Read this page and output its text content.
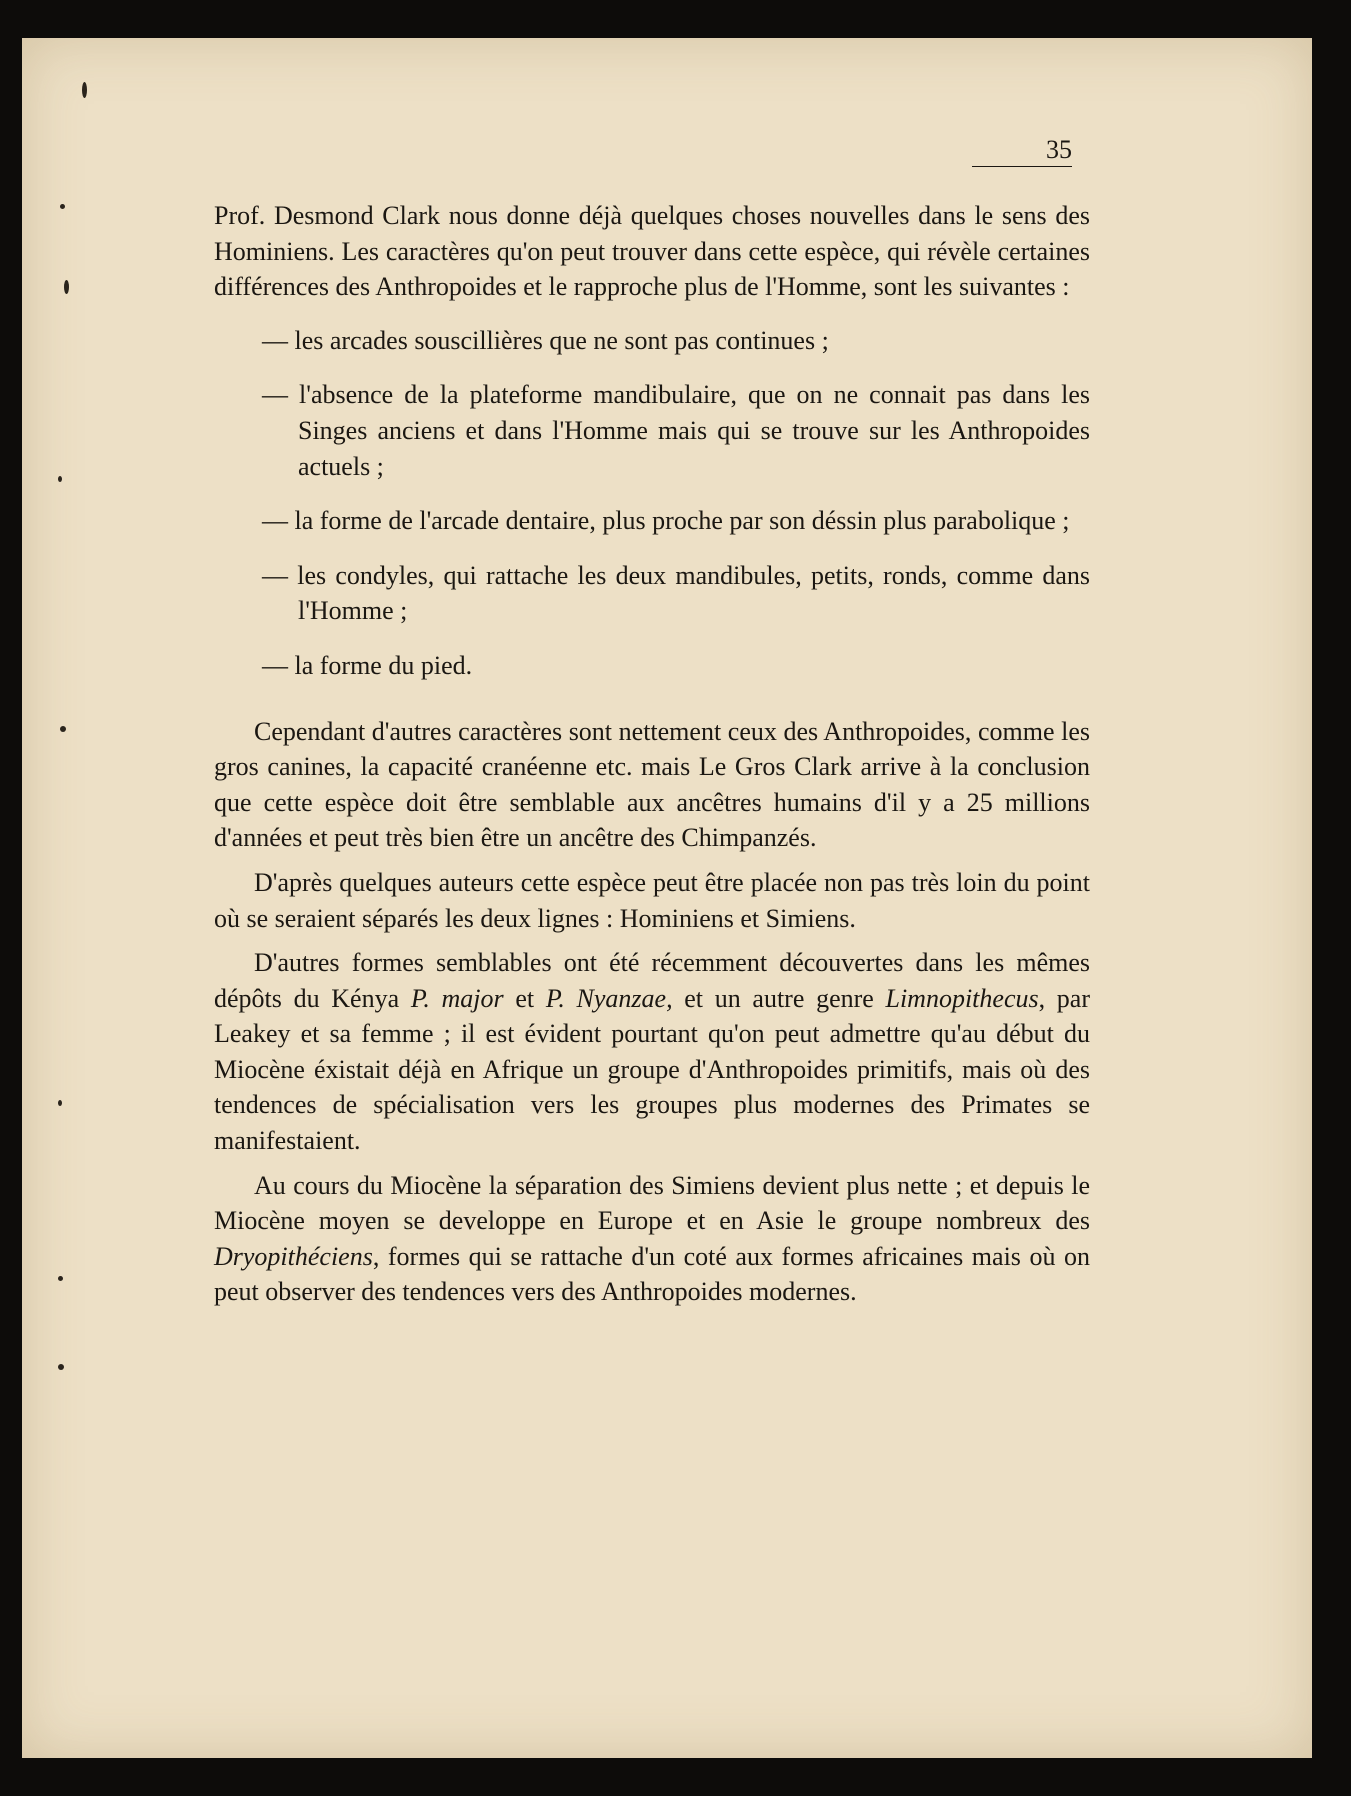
35

Prof. Desmond Clark nous donne déjà quelques choses nouvelles dans le sens des Hominiens. Les caractères qu'on peut trouver dans cette espèce, qui révèle certaines différences des Anthropoides et le rapproche plus de l'Homme, sont les suivantes :

— les arcades souscillières que ne sont pas continues ;

— l'absence de la plateforme mandibulaire, que on ne connait pas dans les Singes anciens et dans l'Homme mais qui se trouve sur les Anthropoides actuels ;

— la forme de l'arcade dentaire, plus proche par son déssin plus parabolique ;

— les condyles, qui rattache les deux mandibules, petits, ronds, comme dans l'Homme ;

— la forme du pied.

Cependant d'autres caractères sont nettement ceux des Anthropoides, comme les gros canines, la capacité cranéenne etc. mais Le Gros Clark arrive à la conclusion que cette espèce doit être semblable aux ancêtres humains d'il y a 25 millions d'années et peut très bien être un ancêtre des Chimpanzés.

D'après quelques auteurs cette espèce peut être placée non pas très loin du point où se seraient séparés les deux lignes : Hominiens et Simiens.

D'autres formes semblables ont été récemment découvertes dans les mêmes dépôts du Kénya P. major et P. Nyanzae, et un autre genre Limnopithecus, par Leakey et sa femme ; il est évident pourtant qu'on peut admettre qu'au début du Miocène éxistait déjà en Afrique un groupe d'Anthropoides primitifs, mais où des tendences de spécialisation vers les groupes plus modernes des Primates se manifestaient.

Au cours du Miocène la séparation des Simiens devient plus nette ; et depuis le Miocène moyen se developpe en Europe et en Asie le groupe nombreux des Dryopithéciens, formes qui se rattache d'un coté aux formes africaines mais où on peut observer des tendences vers des Anthropoides modernes.
